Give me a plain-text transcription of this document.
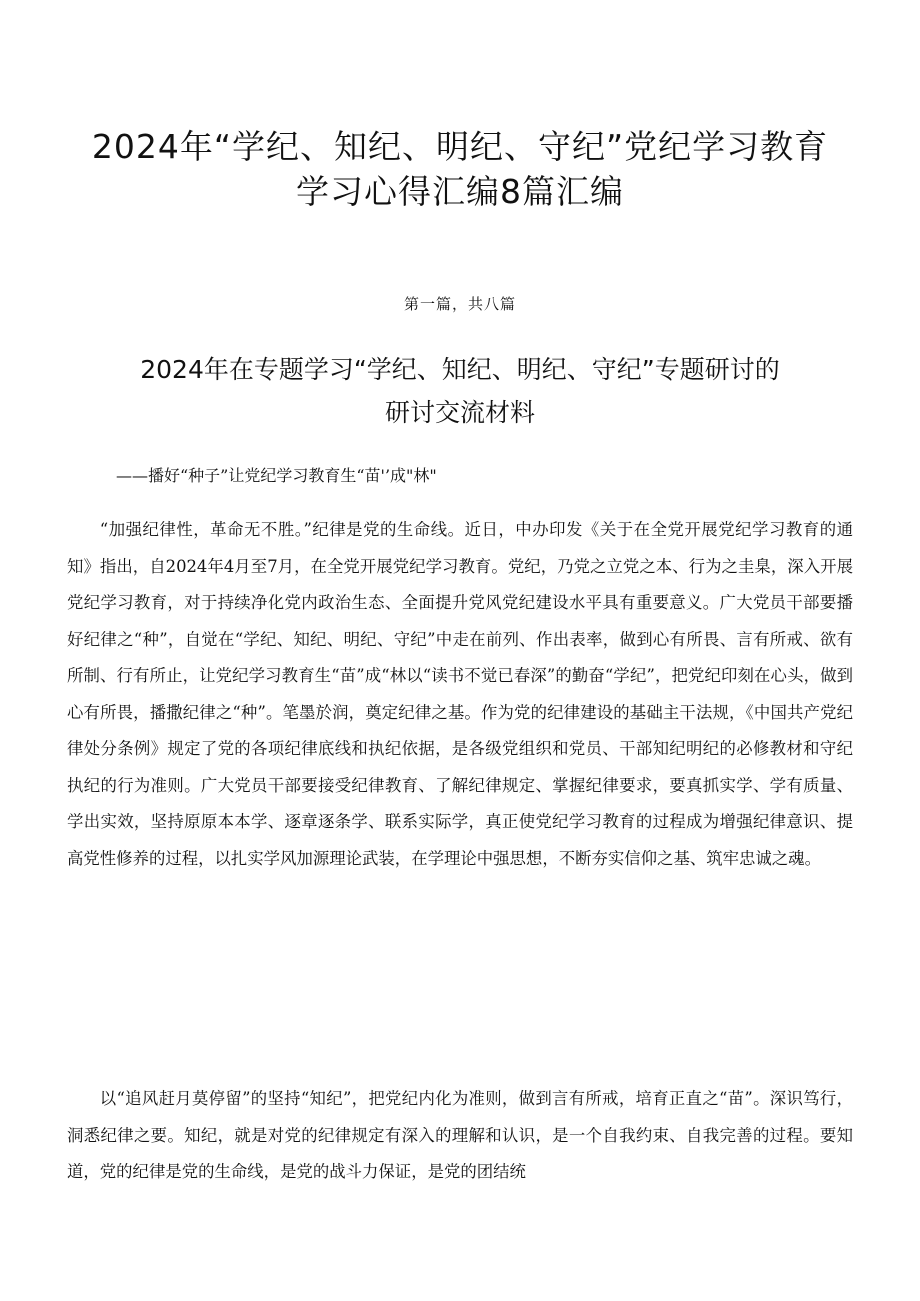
2024年“学纪、知纪、明纪、守纪”党纪学习教育
学习心得汇编8篇汇编
第一篇，共八篇
2024年在专题学习“学纪、知纪、明纪、守纪”专题研讨的
研讨交流材料
——播好“种子”让党纪学习教育生“苗'’成"林"

“加强纪律性，革命无不胜。”纪律是党的生命线。近日，中办印发《关于在全党开展党纪学习教育的通知》指出，自2024年4月至7月，在全党开展党纪学习教育。党纪，乃党之立党之本、行为之圭臬，深入开展党纪学习教育，对于持续净化党内政治生态、全面提升党风党纪建设水平具有重要意义。广大党员干部要播好纪律之“种”，自觉在“学纪、知纪、明纪、守纪”中走在前列、作出表率，做到心有所畏、言有所戒、欲有所制、行有所止，让党纪学习教育生“苗”成“林以“读书不觉已春深”的勤奋“学纪”，把党纪印刻在心头，做到心有所畏，播撒纪律之“种”。笔墨於润，奠定纪律之基。作为党的纪律建设的基础主干法规，《中国共产党纪律处分条例》规定了党的各项纪律底线和执纪依据，是各级党组织和党员、干部知纪明纪的必修教材和守纪执纪的行为准则。广大党员干部要接受纪律教育、了解纪律规定、掌握纪律要求，要真抓实学、学有质量、学出实效，坚持原原本本学、逐章逐条学、联系实际学，真正使党纪学习教育的过程成为增强纪律意识、提高党性修养的过程，以扎实学风加源理论武装，在学理论中强思想，不断夯实信仰之基、筑牢忠诚之魂。

以“追风赶月莫停留”的坚持“知纪”，把党纪内化为准则，做到言有所戒，培育正直之“苗”。深识笃行，洞悉纪律之要。知纪，就是对党的纪律规定有深入的理解和认识，是一个自我约束、自我完善的过程。要知道，党的纪律是党的生命线，是党的战斗力保证，是党的团结统
